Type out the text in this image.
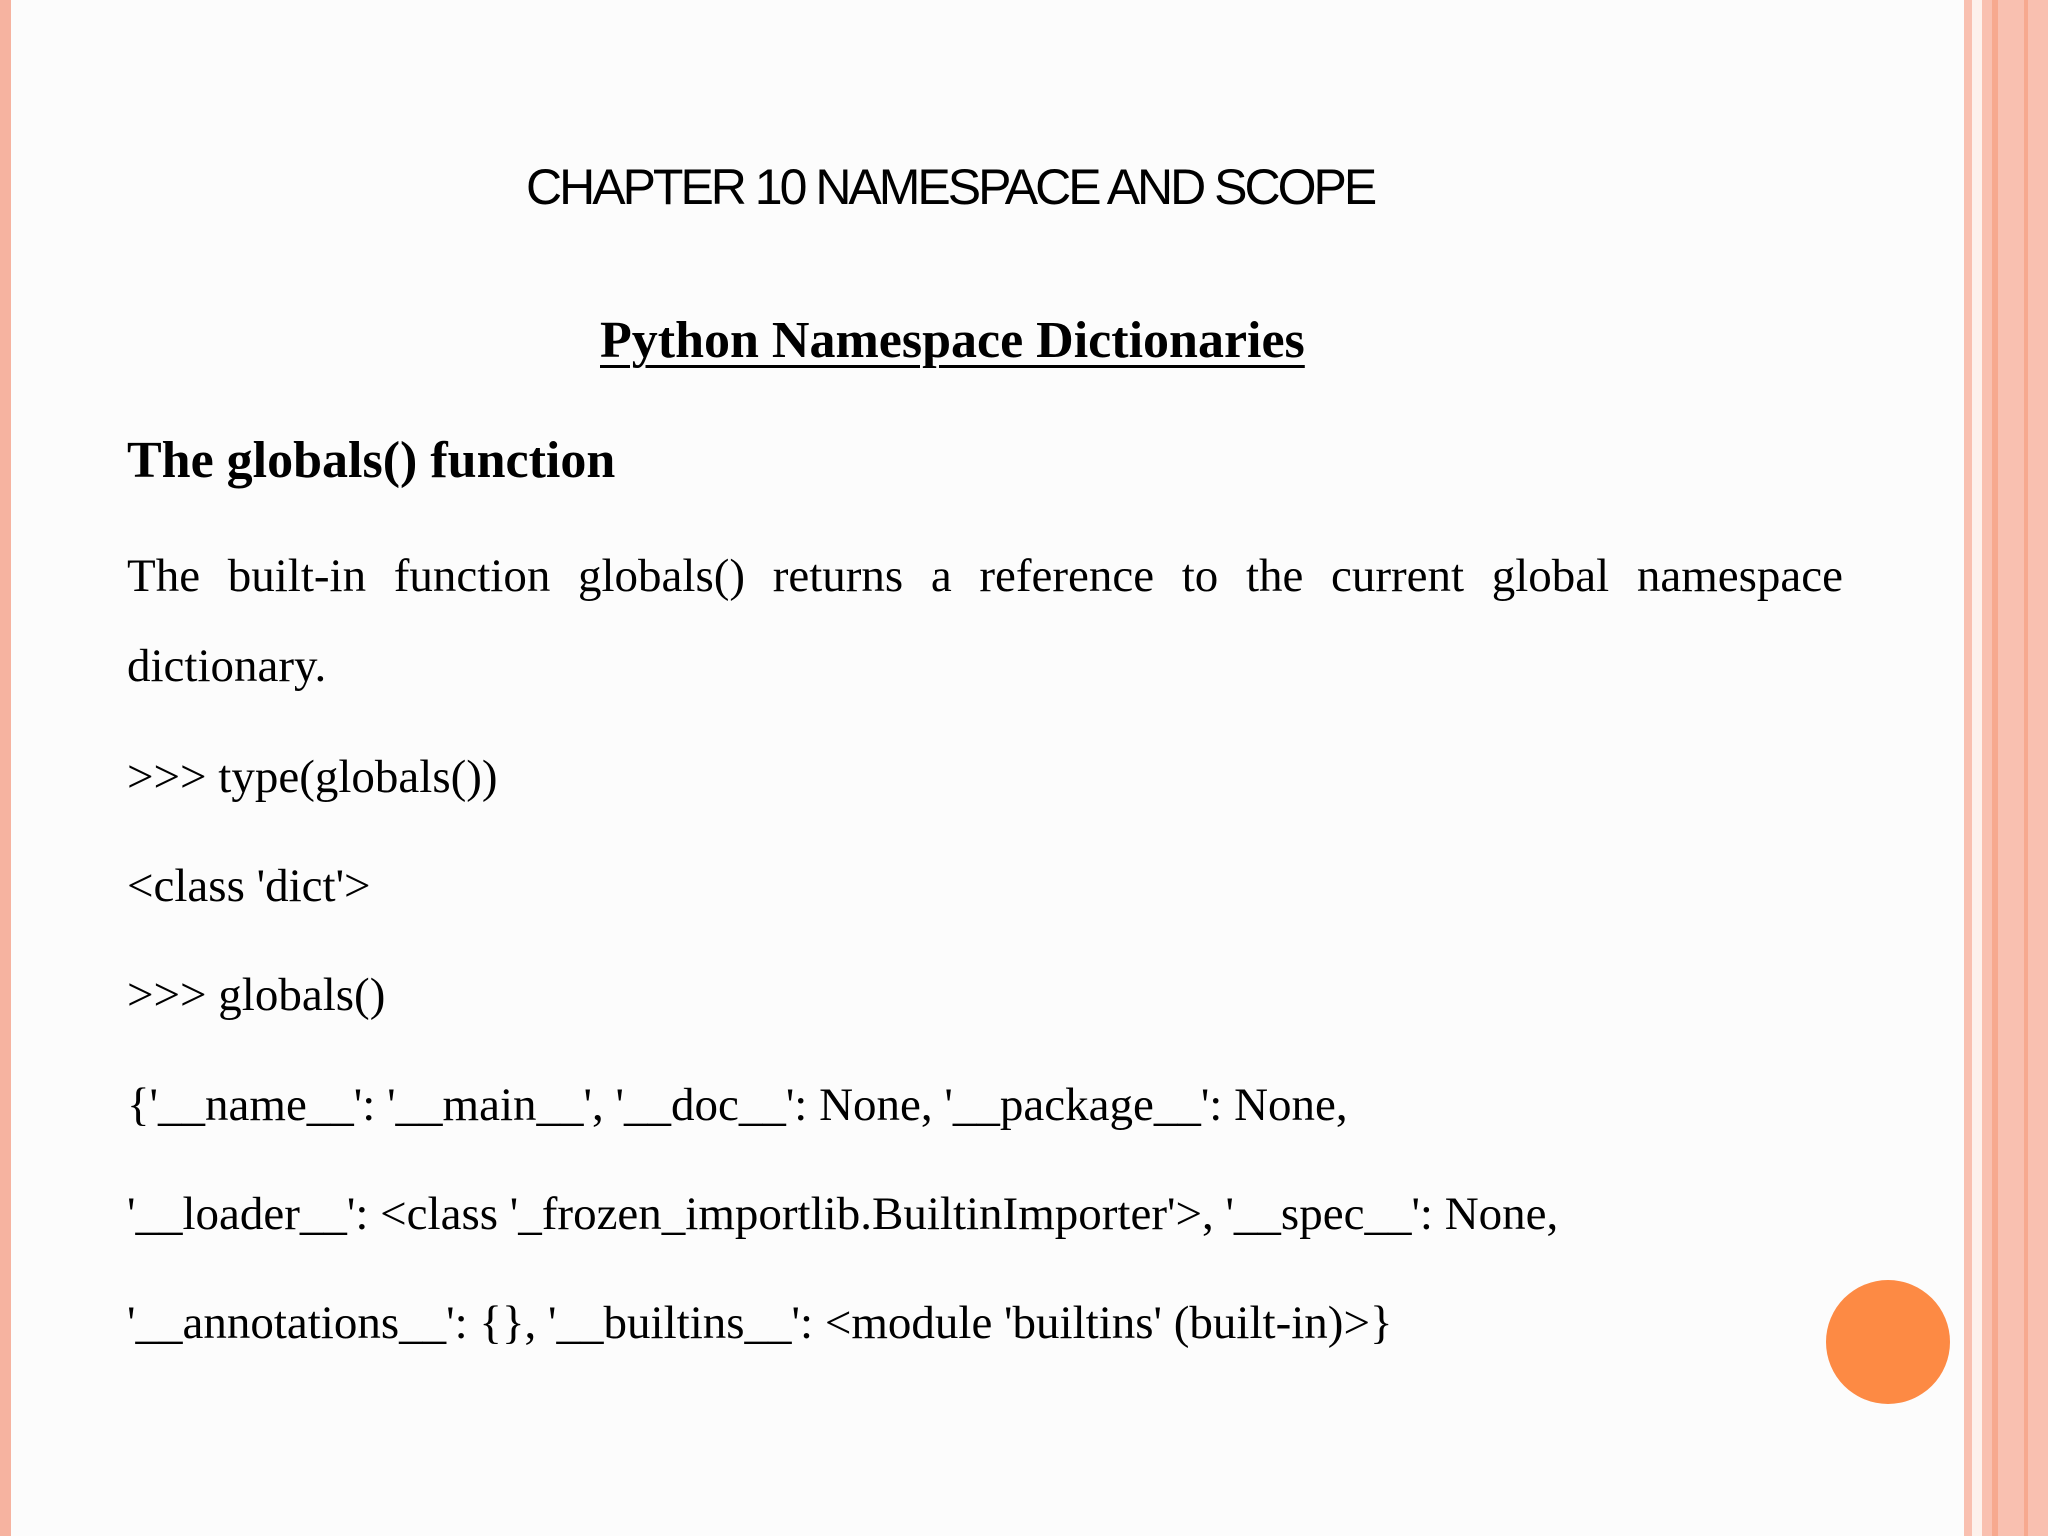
CHAPTER 10 NAMESPACE AND SCOPE
Python Namespace Dictionaries
The globals() function

The built-in function globals() returns a reference to the current global namespace

dictionary.

>>> type(globals())

<class 'dict'>

>>> globals()

{'__name__': '__main__', '__doc__': None, '__package__': None,

'__loader__': <class '_frozen_importlib.BuiltinImporter'>, '__spec__': None,

'__annotations__': {}, '__builtins__': <module 'builtins' (built-in)>}
